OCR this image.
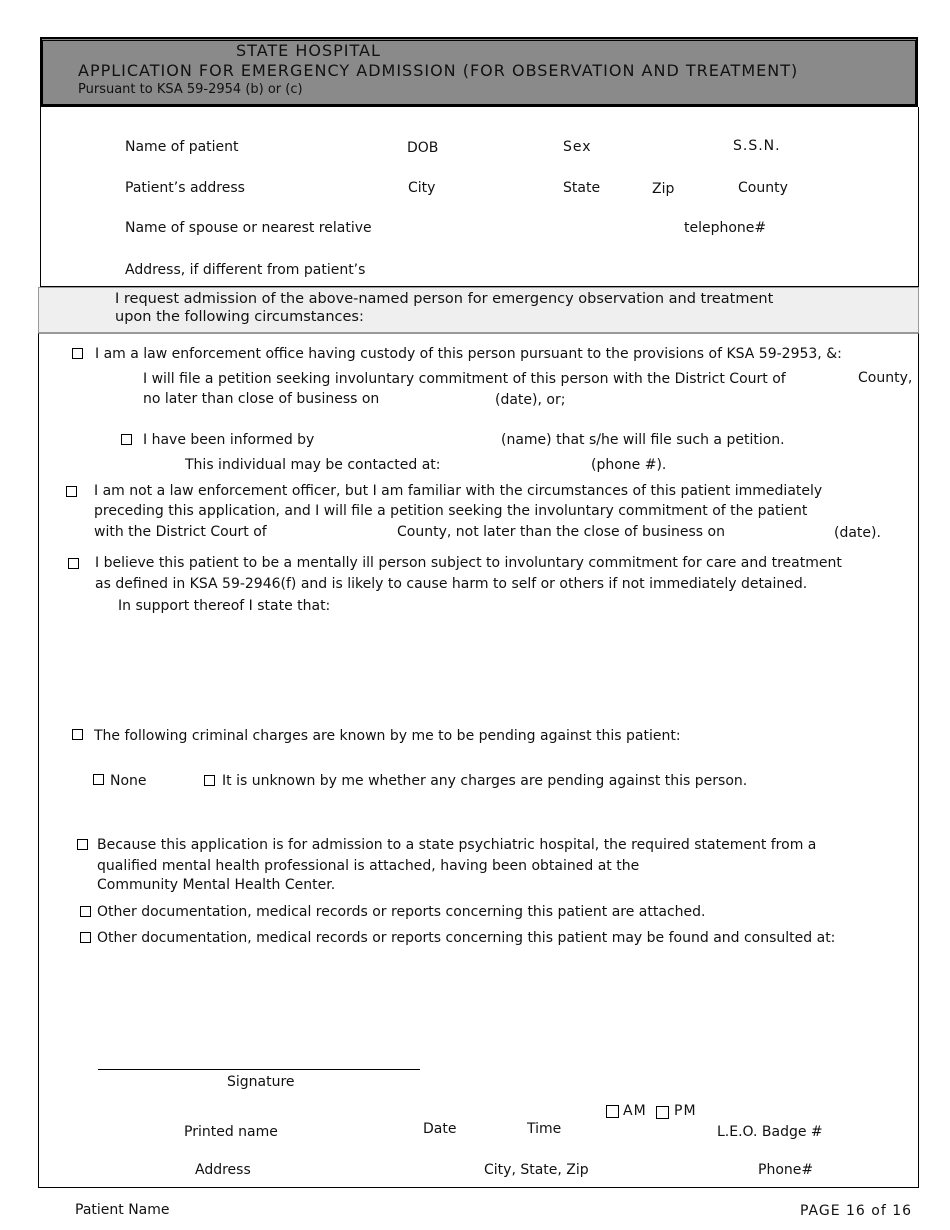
STATE HOSPITAL
APPLICATION FOR EMERGENCY ADMISSION (FOR OBSERVATION AND TREATMENT)
Pursuant to KSA 59-2954 (b) or (c)
Name of patient	DOB	Sex	S.S.N.
Patient’s address	City	State	Zip	County
Name of spouse or nearest relative	telephone#
Address, if different from patient’s
I request admission of the above-named person for emergency observation and treatment
upon the following circumstances:
I am a law enforcement office having custody of this person pursuant to the provisions of KSA 59-2953, &:
I will file a petition seeking involuntary commitment of this person with the District Court of	County,
no later than close of business on	(date), or;
I have been informed by	(name) that s/he will file such a petition.
This individual may be contacted at:	(phone #).
I am not a law enforcement officer, but I am familiar with the circumstances of this patient immediately
preceding this application, and I will file a petition seeking the involuntary commitment of the patient
with the District Court of	County, not later than the close of business on	(date).
I believe this patient to be a mentally ill person subject to involuntary commitment for care and treatment
as defined in KSA 59-2946(f) and is likely to cause harm to self or others if not immediately detained.
In support thereof I state that:
The following criminal charges are known by me to be pending against this patient:
None	It is unknown by me whether any charges are pending against this person.
Because this application is for admission to a state psychiatric hospital, the required statement from a
qualified mental health professional is attached, having been obtained at the
Community Mental Health Center.
Other documentation, medical records or reports concerning this patient are attached.
Other documentation, medical records or reports concerning this patient may be found and consulted at:
Signature
AM PM
Printed name	Date	Time	L.E.O. Badge #
Address	City, State, Zip	Phone#
Patient Name	PAGE 16 of 16
